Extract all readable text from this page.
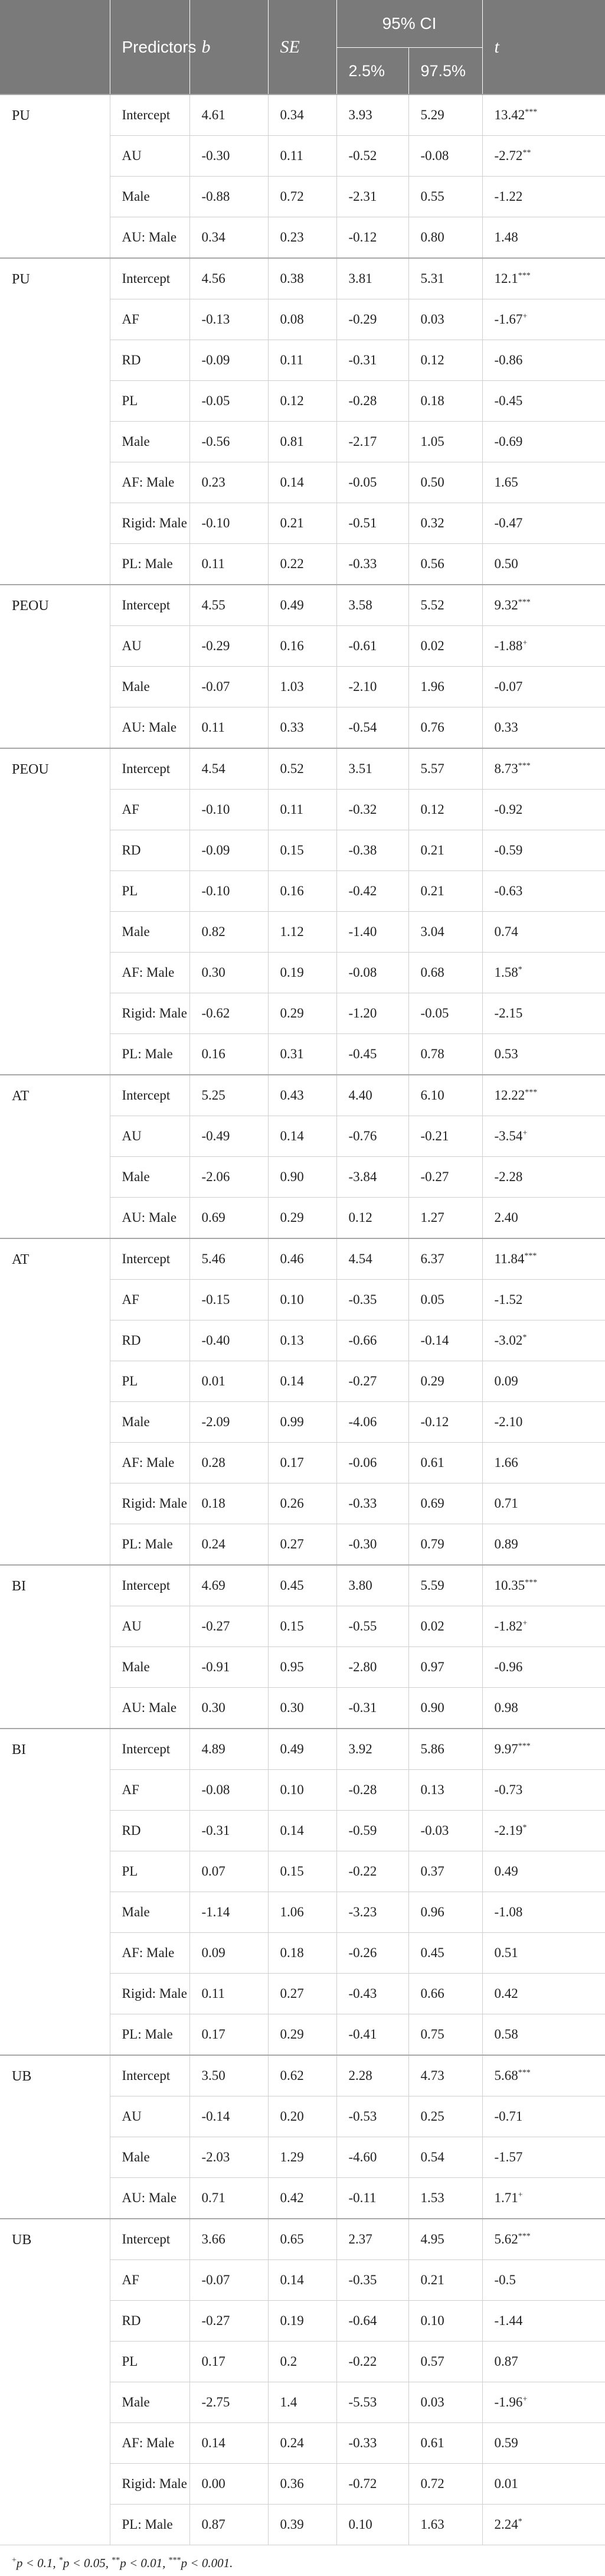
	Predictors	b	SE	95% CI		t
				2.5%	97.5%	
PU	Intercept	4.61	0.34	3.93	5.29	13.42***
	AU	-0.30	0.11	-0.52	-0.08	-2.72**
	Male	-0.88	0.72	-2.31	0.55	-1.22
	AU: Male	0.34	0.23	-0.12	0.80	1.48
PU	Intercept	4.56	0.38	3.81	5.31	12.1***
	AF	-0.13	0.08	-0.29	0.03	-1.67+
	RD	-0.09	0.11	-0.31	0.12	-0.86
	PL	-0.05	0.12	-0.28	0.18	-0.45
	Male	-0.56	0.81	-2.17	1.05	-0.69
	AF: Male	0.23	0.14	-0.05	0.50	1.65
	Rigid: Male	-0.10	0.21	-0.51	0.32	-0.47
	PL: Male	0.11	0.22	-0.33	0.56	0.50
PEOU	Intercept	4.55	0.49	3.58	5.52	9.32***
	AU	-0.29	0.16	-0.61	0.02	-1.88+
	Male	-0.07	1.03	-2.10	1.96	-0.07
	AU: Male	0.11	0.33	-0.54	0.76	0.33
PEOU	Intercept	4.54	0.52	3.51	5.57	8.73***
	AF	-0.10	0.11	-0.32	0.12	-0.92
	RD	-0.09	0.15	-0.38	0.21	-0.59
	PL	-0.10	0.16	-0.42	0.21	-0.63
	Male	0.82	1.12	-1.40	3.04	0.74
	AF: Male	0.30	0.19	-0.08	0.68	1.58*
	Rigid: Male	-0.62	0.29	-1.20	-0.05	-2.15
	PL: Male	0.16	0.31	-0.45	0.78	0.53
AT	Intercept	5.25	0.43	4.40	6.10	12.22***
	AU	-0.49	0.14	-0.76	-0.21	-3.54+
	Male	-2.06	0.90	-3.84	-0.27	-2.28
	AU: Male	0.69	0.29	0.12	1.27	2.40
AT	Intercept	5.46	0.46	4.54	6.37	11.84***
	AF	-0.15	0.10	-0.35	0.05	-1.52
	RD	-0.40	0.13	-0.66	-0.14	-3.02*
	PL	0.01	0.14	-0.27	0.29	0.09
	Male	-2.09	0.99	-4.06	-0.12	-2.10
	AF: Male	0.28	0.17	-0.06	0.61	1.66
	Rigid: Male	0.18	0.26	-0.33	0.69	0.71
	PL: Male	0.24	0.27	-0.30	0.79	0.89
BI	Intercept	4.69	0.45	3.80	5.59	10.35***
	AU	-0.27	0.15	-0.55	0.02	-1.82+
	Male	-0.91	0.95	-2.80	0.97	-0.96
	AU: Male	0.30	0.30	-0.31	0.90	0.98
BI	Intercept	4.89	0.49	3.92	5.86	9.97***
	AF	-0.08	0.10	-0.28	0.13	-0.73
	RD	-0.31	0.14	-0.59	-0.03	-2.19*
	PL	0.07	0.15	-0.22	0.37	0.49
	Male	-1.14	1.06	-3.23	0.96	-1.08
	AF: Male	0.09	0.18	-0.26	0.45	0.51
	Rigid: Male	0.11	0.27	-0.43	0.66	0.42
	PL: Male	0.17	0.29	-0.41	0.75	0.58
UB	Intercept	3.50	0.62	2.28	4.73	5.68***
	AU	-0.14	0.20	-0.53	0.25	-0.71
	Male	-2.03	1.29	-4.60	0.54	-1.57
	AU: Male	0.71	0.42	-0.11	1.53	1.71+
UB	Intercept	3.66	0.65	2.37	4.95	5.62***
	AF	-0.07	0.14	-0.35	0.21	-0.5
	RD	-0.27	0.19	-0.64	0.10	-1.44
	PL	0.17	0.2	-0.22	0.57	0.87
	Male	-2.75	1.4	-5.53	0.03	-1.96+
	AF: Male	0.14	0.24	-0.33	0.61	0.59
	Rigid: Male	0.00	0.36	-0.72	0.72	0.01
	PL: Male	0.87	0.39	0.10	1.63	2.24*
+p < 0.1, *p < 0.05, **p < 0.01, ***p < 0.001.
